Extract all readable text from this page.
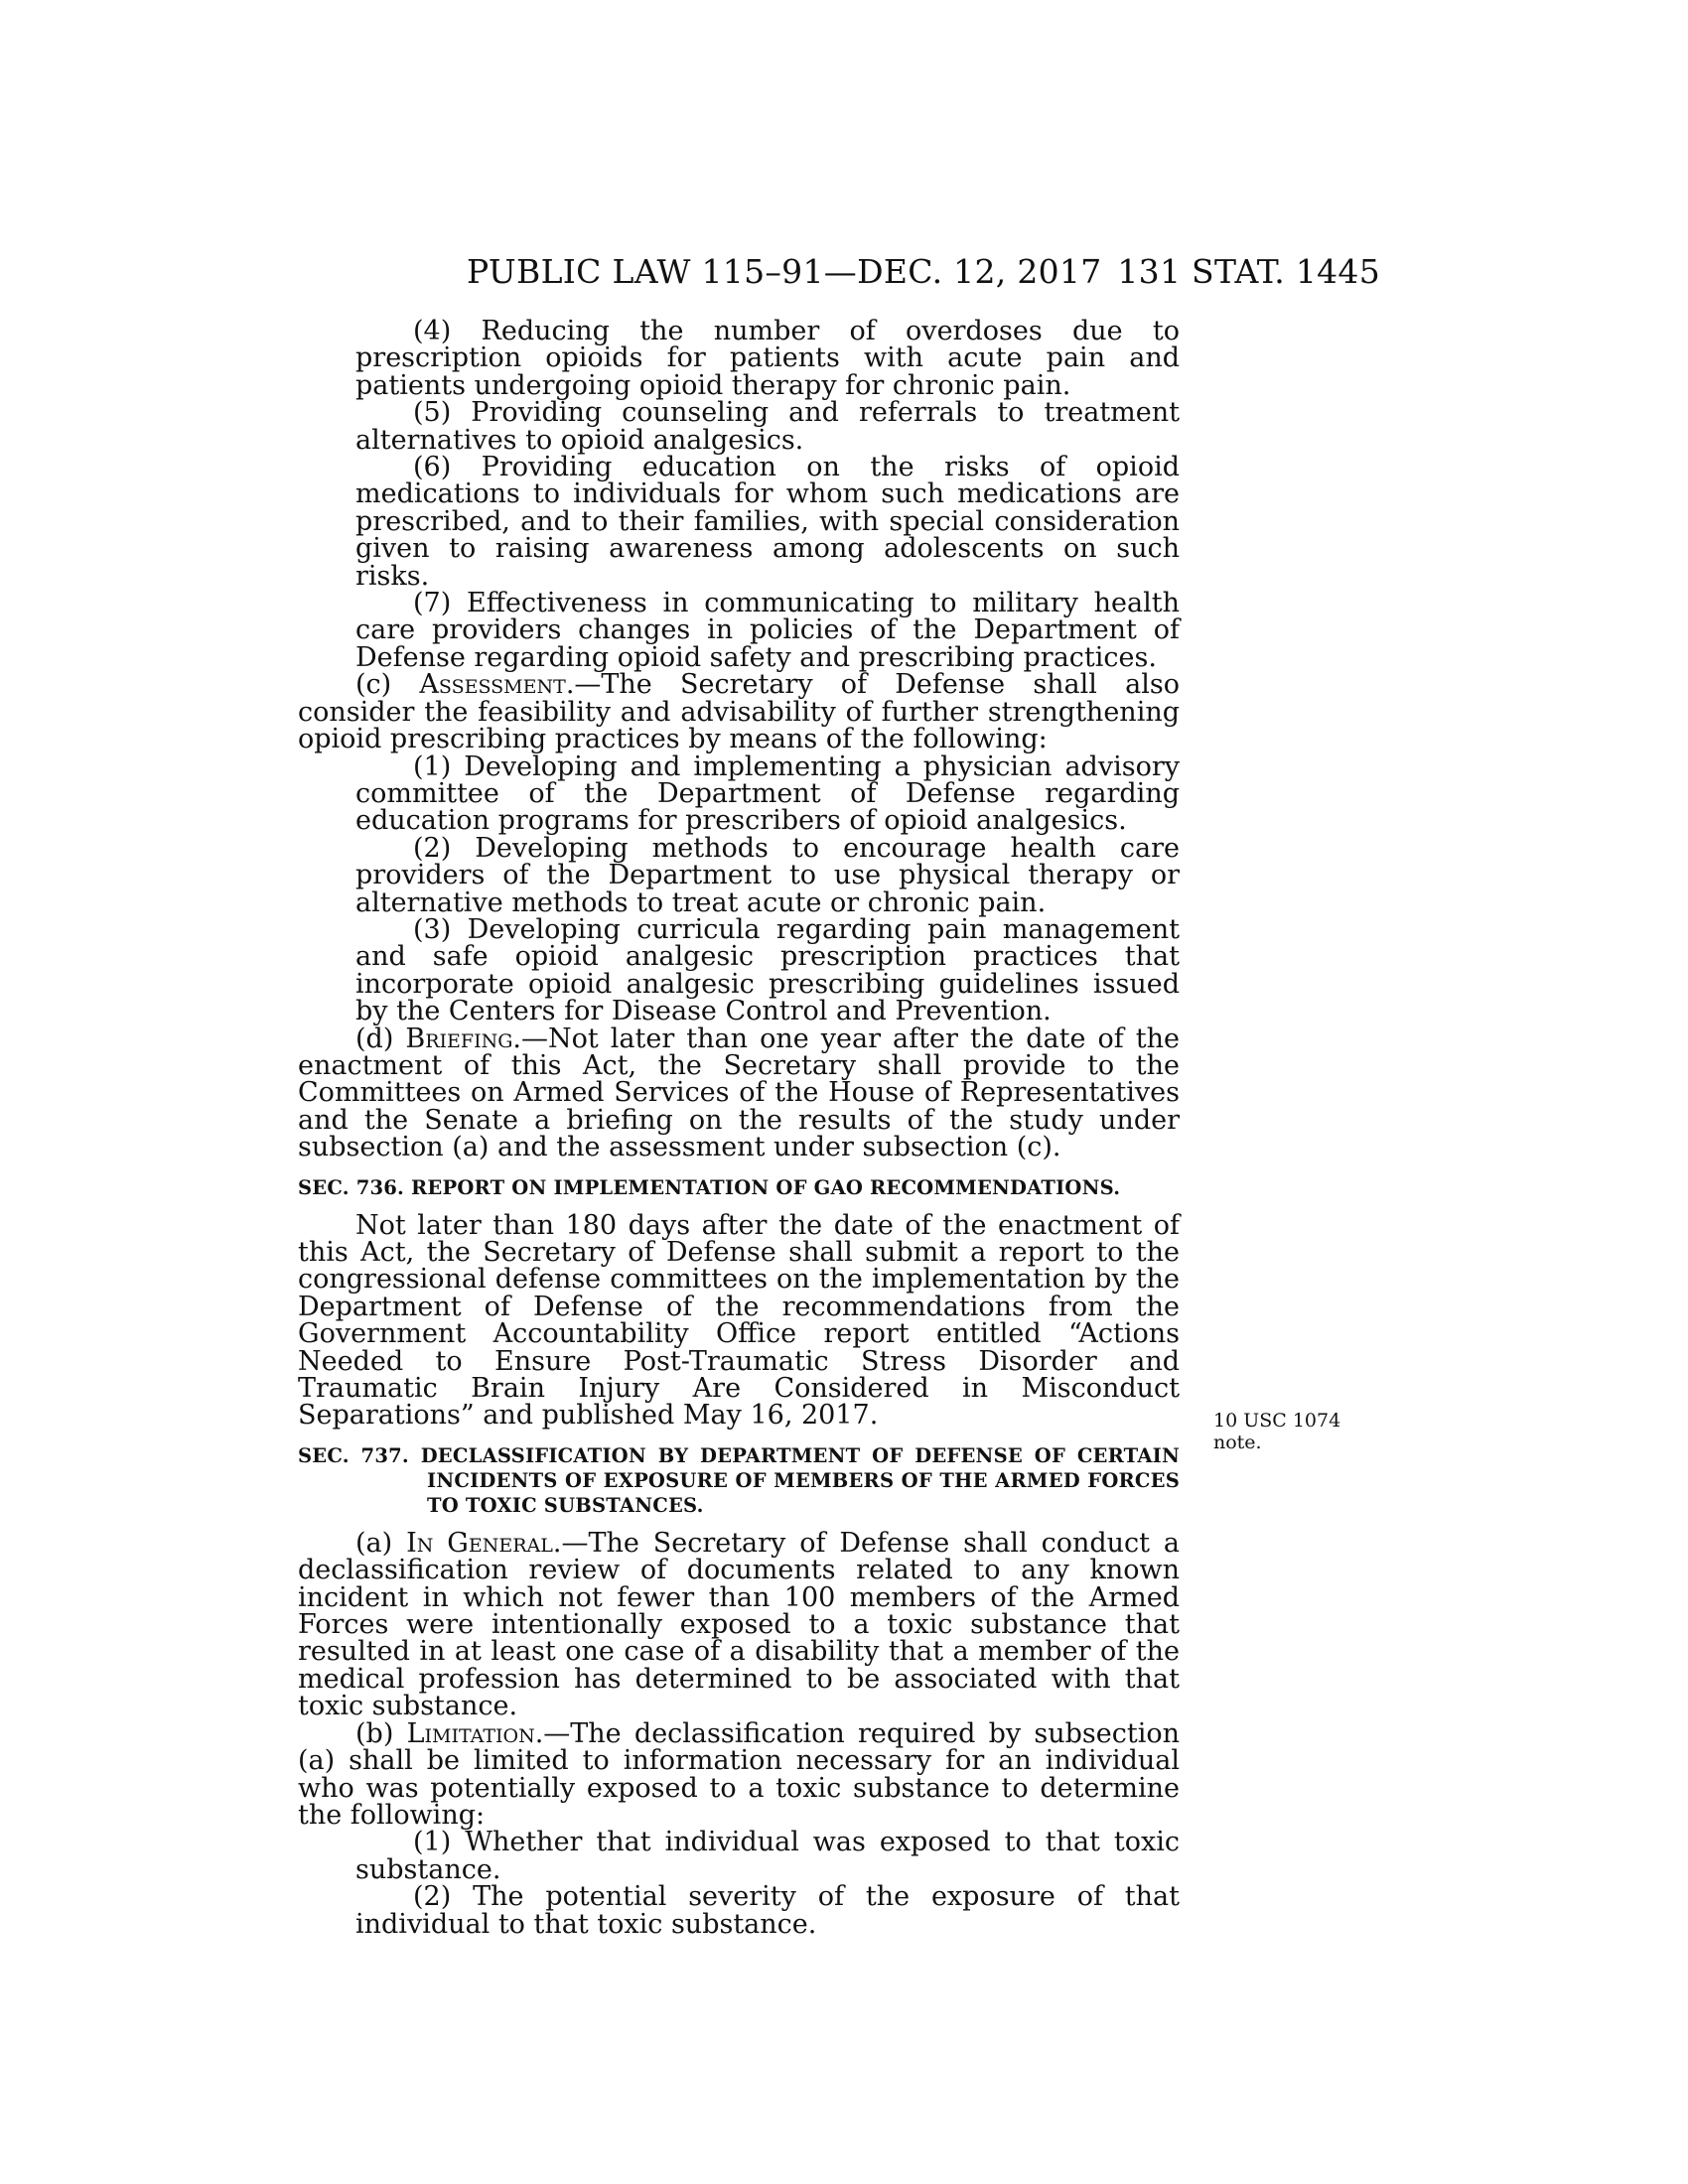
PUBLIC LAW 115–91—DEC. 12, 2017 131 STAT. 1445

(4) Reducing the number of overdoses due to prescription opioids for patients with acute pain and patients undergoing opioid therapy for chronic pain.

(5) Providing counseling and referrals to treatment alternatives to opioid analgesics.

(6) Providing education on the risks of opioid medications to individuals for whom such medications are prescribed, and to their families, with special consideration given to raising awareness among adolescents on such risks.

(7) Effectiveness in communicating to military health care providers changes in policies of the Department of Defense regarding opioid safety and prescribing practices.

(c) Assessment.—The Secretary of Defense shall also consider the feasibility and advisability of further strengthening opioid prescribing practices by means of the following:

(1) Developing and implementing a physician advisory committee of the Department of Defense regarding education programs for prescribers of opioid analgesics.

(2) Developing methods to encourage health care providers of the Department to use physical therapy or alternative methods to treat acute or chronic pain.

(3) Developing curricula regarding pain management and safe opioid analgesic prescription practices that incorporate opioid analgesic prescribing guidelines issued by the Centers for Disease Control and Prevention.

(d) Briefing.—Not later than one year after the date of the enactment of this Act, the Secretary shall provide to the Committees on Armed Services of the House of Representatives and the Senate a briefing on the results of the study under subsection (a) and the assessment under subsection (c).

SEC. 736. REPORT ON IMPLEMENTATION OF GAO RECOMMENDATIONS.

Not later than 180 days after the date of the enactment of this Act, the Secretary of Defense shall submit a report to the congressional defense committees on the implementation by the Department of Defense of the recommendations from the Government Accountability Office report entitled “Actions Needed to Ensure Post-Traumatic Stress Disorder and Traumatic Brain Injury Are Considered in Misconduct Separations” and published May 16, 2017.

SEC. 737. DECLASSIFICATION BY DEPARTMENT OF DEFENSE OF CERTAIN INCIDENTS OF EXPOSURE OF MEMBERS OF THE ARMED FORCES TO TOXIC SUBSTANCES.

(a) In General.—The Secretary of Defense shall conduct a declassification review of documents related to any known incident in which not fewer than 100 members of the Armed Forces were intentionally exposed to a toxic substance that resulted in at least one case of a disability that a member of the medical profession has determined to be associated with that toxic substance.

(b) Limitation.—The declassification required by subsection (a) shall be limited to information necessary for an individual who was potentially exposed to a toxic substance to determine the following:

(1) Whether that individual was exposed to that toxic substance.

(2) The potential severity of the exposure of that individual to that toxic substance.

10 USC 1074 note.
